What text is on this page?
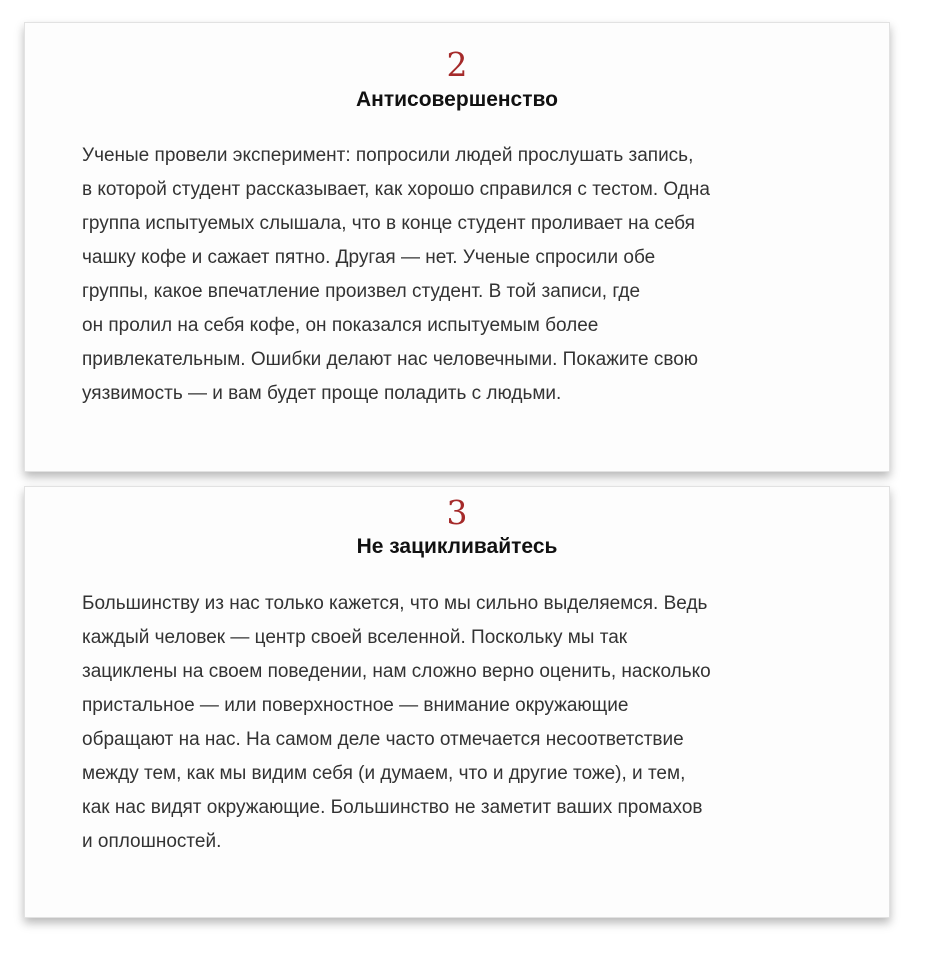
2
Антисовершенство

Ученые провели эксперимент: попросили людей прослушать запись,
в которой студент рассказывает, как хорошо справился с тестом. Одна
группа испытуемых слышала, что в конце студент проливает на себя
чашку кофе и сажает пятно. Другая — нет. Ученые спросили обе
группы, какое впечатление произвел студент. В той записи, где
он пролил на себя кофе, он показался испытуемым более
привлекательным. Ошибки делают нас человечными. Покажите свою
уязвимость — и вам будет проще поладить с людьми.

3
Не зацикливайтесь

Большинству из нас только кажется, что мы сильно выделяемся. Ведь
каждый человек — центр своей вселенной. Поскольку мы так
зациклены на своем поведении, нам сложно верно оценить, насколько
пристальное — или поверхностное — внимание окружающие
обращают на нас. На самом деле часто отмечается несоответствие
между тем, как мы видим себя (и думаем, что и другие тоже), и тем,
как нас видят окружающие. Большинство не заметит ваших промахов
и оплошностей.
